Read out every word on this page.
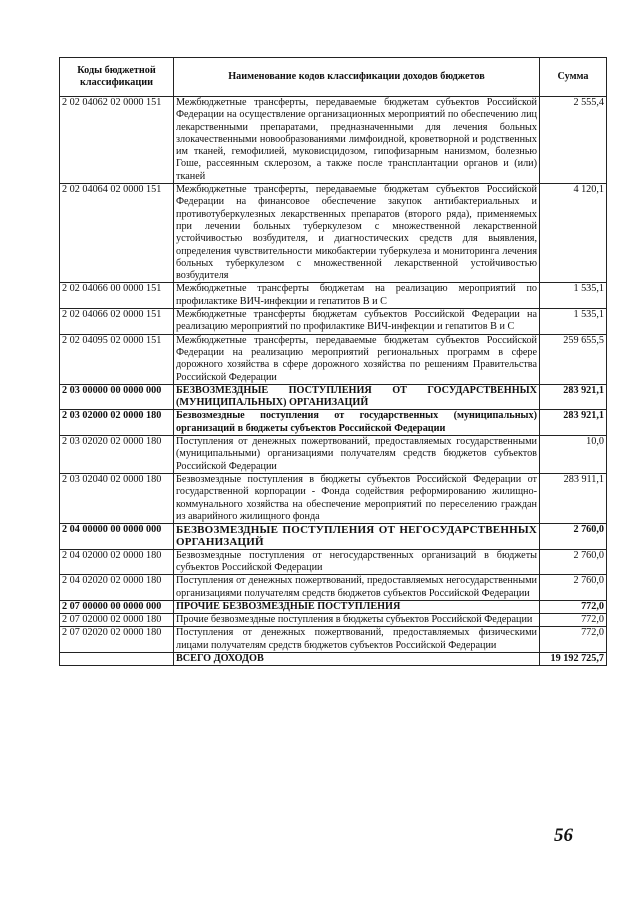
Коды бюджетной классификации	Наименование кодов классификации доходов бюджетов	Сумма
2 02 04062 02 0000 151	Межбюджетные трансферты, передаваемые бюджетам субъектов Российской Федерации на осуществление организационных мероприятий по обеспечению лиц лекарственными препаратами, предназначенными для лечения больных злокачественными новообразованиями лимфоидной, кроветворной и родственных им тканей, гемофилией, муковисцидозом, гипофизарным нанизмом, болезнью Гоше, рассеянным склерозом, а также после трансплантации органов и (или) тканей	2 555,4
2 02 04064 02 0000 151	Межбюджетные трансферты, передаваемые бюджетам субъектов Российской Федерации на финансовое обеспечение закупок антибактериальных и противотуберкулезных лекарственных препаратов (второго ряда), применяемых при лечении больных туберкулезом с множественной лекарственной устойчивостью возбудителя, и диагностических средств для выявления, определения чувствительности микобактерии туберкулеза и мониторинга лечения больных туберкулезом с множественной лекарственной устойчивостью возбудителя	4 120,1
2 02 04066 00 0000 151	Межбюджетные трансферты бюджетам на реализацию мероприятий по профилактике ВИЧ-инфекции и гепатитов В и С	1 535,1
2 02 04066 02 0000 151	Межбюджетные трансферты бюджетам субъектов Российской Федерации на реализацию мероприятий по профилактике ВИЧ-инфекции и гепатитов В и С	1 535,1
2 02 04095 02 0000 151	Межбюджетные трансферты, передаваемые бюджетам субъектов Российской Федерации на реализацию мероприятий региональных программ в сфере дорожного хозяйства в сфере дорожного хозяйства по решениям Правительства Российской Федерации	259 655,5
2 03 00000 00 0000 000	БЕЗВОЗМЕЗДНЫЕ ПОСТУПЛЕНИЯ ОТ ГОСУДАРСТВЕННЫХ (МУНИЦИПАЛЬНЫХ) ОРГАНИЗАЦИЙ	283 921,1
2 03 02000 02 0000 180	Безвозмездные поступления от государственных (муниципальных) организаций в бюджеты субъектов Российской Федерации	283 921,1
2 03 02020 02 0000 180	Поступления от денежных пожертвований, предоставляемых государственными (муниципальными) организациями получателям средств бюджетов субъектов Российской Федерации	10,0
2 03 02040 02 0000 180	Безвозмездные поступления в бюджеты субъектов Российской Федерации от государственной корпорации - Фонда содействия реформированию жилищно-коммунального хозяйства на обеспечение мероприятий по переселению граждан из аварийного жилищного фонда	283 911,1
2 04 00000 00 0000 000	БЕЗВОЗМЕЗДНЫЕ ПОСТУПЛЕНИЯ ОТ НЕГОСУДАРСТВЕННЫХ ОРГАНИЗАЦИЙ	2 760,0
2 04 02000 02 0000 180	Безвозмездные поступления от негосударственных организаций в бюджеты субъектов Российской Федерации	2 760,0
2 04 02020 02 0000 180	Поступления от денежных пожертвований, предоставляемых негосударственными организациями получателям средств бюджетов субъектов Российской Федерации	2 760,0
2 07 00000 00 0000 000	ПРОЧИЕ БЕЗВОЗМЕЗДНЫЕ ПОСТУПЛЕНИЯ	772,0
2 07 02000 02 0000 180	Прочие безвозмездные поступления в бюджеты субъектов Российской Федерации	772,0
2 07 02020 02 0000 180	Поступления от денежных пожертвований, предоставляемых физическими лицами получателям средств бюджетов субъектов Российской Федерации	772,0
	ВСЕГО ДОХОДОВ	19 192 725,7
56
